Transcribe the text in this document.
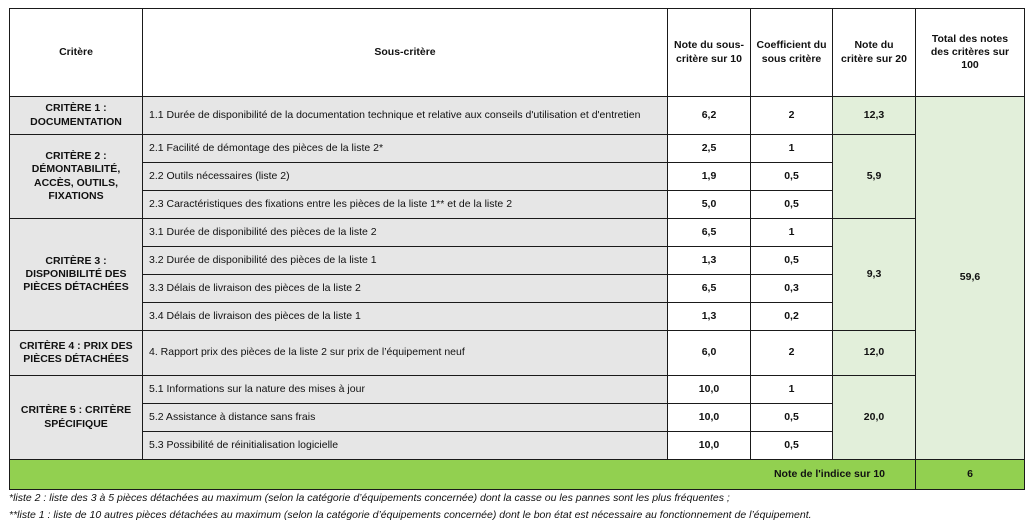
Critère	Sous-critère	Note du sous-critère sur 10	Coefficient du sous critère	Note du critère sur 20	Total des notes des critères sur 100
CRITÈRE 1 : DOCUMENTATION	1.1 Durée de disponibilité de la documentation technique et relative aux conseils d'utilisation et d'entretien	6,2	2	12,3	59,6
CRITÈRE 2 : DÉMONTABILITÉ, ACCÈS, OUTILS, FIXATIONS	2.1 Facilité de démontage des pièces de la liste 2*	2,5	1	5,9	
	2.2 Outils nécessaires (liste 2)	1,9	0,5		
	2.3 Caractéristiques des fixations entre les pièces de la liste 1** et de la liste 2	5,0	0,5		
CRITÈRE 3 : DISPONIBILITÉ DES PIÈCES DÉTACHÉES	3.1 Durée de disponibilité des pièces de la liste 2	6,5	1	9,3	
	3.2 Durée de disponibilité des pièces de la liste 1	1,3	0,5		
	3.3 Délais de livraison des pièces de la liste 2	6,5	0,3		
	3.4 Délais de livraison des pièces de la liste 1	1,3	0,2		
CRITÈRE 4 : PRIX DES PIÈCES DÉTACHÉES	4. Rapport prix des pièces de la liste 2 sur prix de l’équipement neuf	6,0	2	12,0	
CRITÈRE 5 : CRITÈRE SPÉCIFIQUE	5.1 Informations sur la nature des mises à jour	10,0	1	20,0	
	5.2 Assistance à distance sans frais	10,0	0,5		
	5.3 Possibilité de réinitialisation logicielle	10,0	0,5		
Note de l'indice sur 10					6
*liste 2 : liste des 3 à 5 pièces détachées au maximum (selon la catégorie d’équipements concernée) dont la casse ou les pannes sont les plus fréquentes ;
**liste 1 : liste de 10 autres pièces détachées au maximum (selon la catégorie d’équipements concernée) dont le bon état est nécessaire au fonctionnement de l’équipement.
